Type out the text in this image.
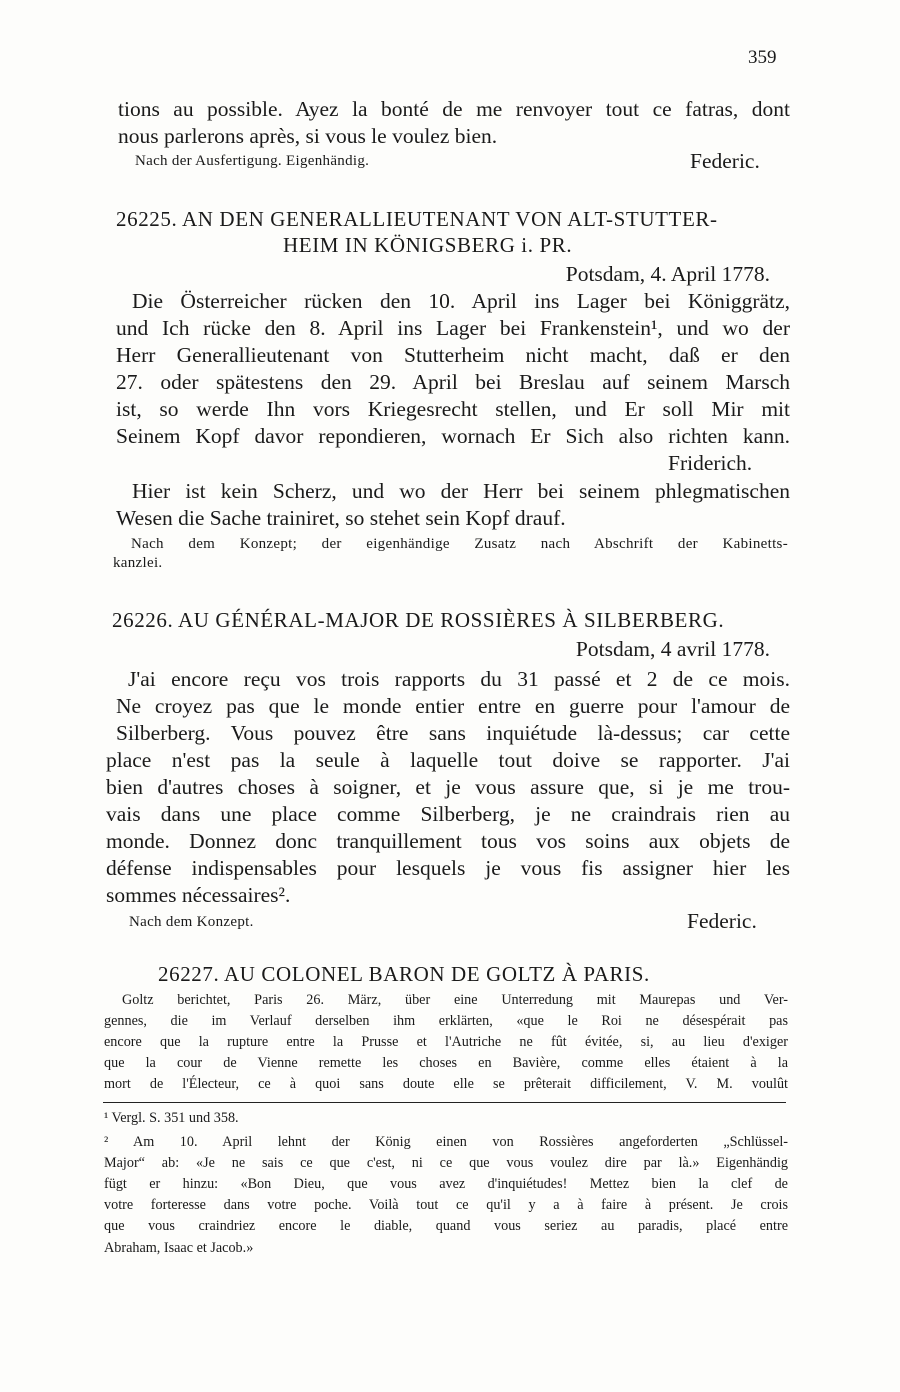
359
tions au possible. Ayez la bonté de me renvoyer tout ce fatras, dont
nous parlerons après, si vous le voulez bien.
Nach der Ausfertigung. Eigenhändig.	Federic.
26225. AN DEN GENERALLIEUTENANT VON ALT-STUTTER-
HEIM IN KÖNIGSBERG i. PR.
Potsdam, 4. April 1778.
Die Österreicher rücken den 10. April ins Lager bei Königgrätz,
und Ich rücke den 8. April ins Lager bei Frankenstein¹, und wo der
Herr Generallieutenant von Stutterheim nicht macht, daß er den
27. oder spätestens den 29. April bei Breslau auf seinem Marsch
ist, so werde Ihn vors Kriegesrecht stellen, und Er soll Mir mit
Seinem Kopf davor repondieren, wornach Er Sich also richten kann.
Friderich.
Hier ist kein Scherz, und wo der Herr bei seinem phlegmatischen
Wesen die Sache trainiret, so stehet sein Kopf drauf.
Nach dem Konzept; der eigenhändige Zusatz nach Abschrift der Kabinetts-
kanzlei.
26226. AU GÉNÉRAL-MAJOR DE ROSSIÈRES À SILBERBERG.
Potsdam, 4 avril 1778.
J'ai encore reçu vos trois rapports du 31 passé et 2 de ce mois.
Ne croyez pas que le monde entier entre en guerre pour l'amour de
Silberberg. Vous pouvez être sans inquiétude là-dessus; car cette
place n'est pas la seule à laquelle tout doive se rapporter. J'ai
bien d'autres choses à soigner, et je vous assure que, si je me trou-
vais dans une place comme Silberberg, je ne craindrais rien au
monde. Donnez donc tranquillement tous vos soins aux objets de
défense indispensables pour lesquels je vous fis assigner hier les
sommes nécessaires².
Nach dem Konzept.	Federic.
26227. AU COLONEL BARON DE GOLTZ À PARIS.
Goltz berichtet, Paris 26. März, über eine Unterredung mit Maurepas und Ver-
gennes, die im Verlauf derselben ihm erklärten, «que le Roi ne désespérait pas
encore que la rupture entre la Prusse et l'Autriche ne fût évitée, si, au lieu d'exiger
que la cour de Vienne remette les choses en Bavière, comme elles étaient à la
mort de l'Électeur, ce à quoi sans doute elle se prêterait difficilement, V. M. voulût
¹ Vergl. S. 351 und 358.
² Am 10. April lehnt der König einen von Rossières angeforderten „Schlüssel-
Major“ ab: «Je ne sais ce que c'est, ni ce que vous voulez dire par là.» Eigenhändig
fügt er hinzu: «Bon Dieu, que vous avez d'inquiétudes! Mettez bien la clef de
votre forteresse dans votre poche. Voilà tout ce qu'il y a à faire à présent. Je crois
que vous craindriez encore le diable, quand vous seriez au paradis, placé entre
Abraham, Isaac et Jacob.»
